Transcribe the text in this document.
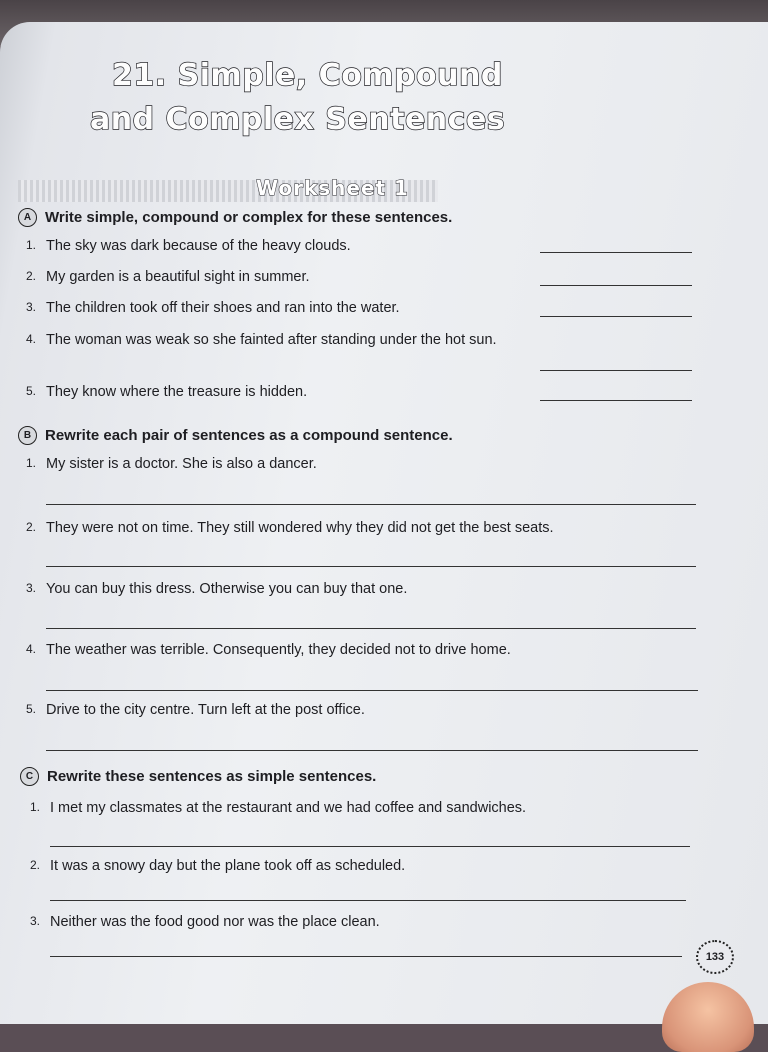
21. Simple, Compound
and Complex Sentences
Worksheet 1
A Write simple, compound or complex for these sentences.
1. The sky was dark because of the heavy clouds.
2. My garden is a beautiful sight in summer.
3. The children took off their shoes and ran into the water.
4. The woman was weak so she fainted after standing under the hot sun.
5. They know where the treasure is hidden.
B Rewrite each pair of sentences as a compound sentence.
1. My sister is a doctor. She is also a dancer.
2. They were not on time. They still wondered why they did not get the best seats.
3. You can buy this dress. Otherwise you can buy that one.
4. The weather was terrible. Consequently, they decided not to drive home.
5. Drive to the city centre. Turn left at the post office.
C Rewrite these sentences as simple sentences.
1. I met my classmates at the restaurant and we had coffee and sandwiches.
2. It was a snowy day but the plane took off as scheduled.
3. Neither was the food good nor was the place clean.
133
